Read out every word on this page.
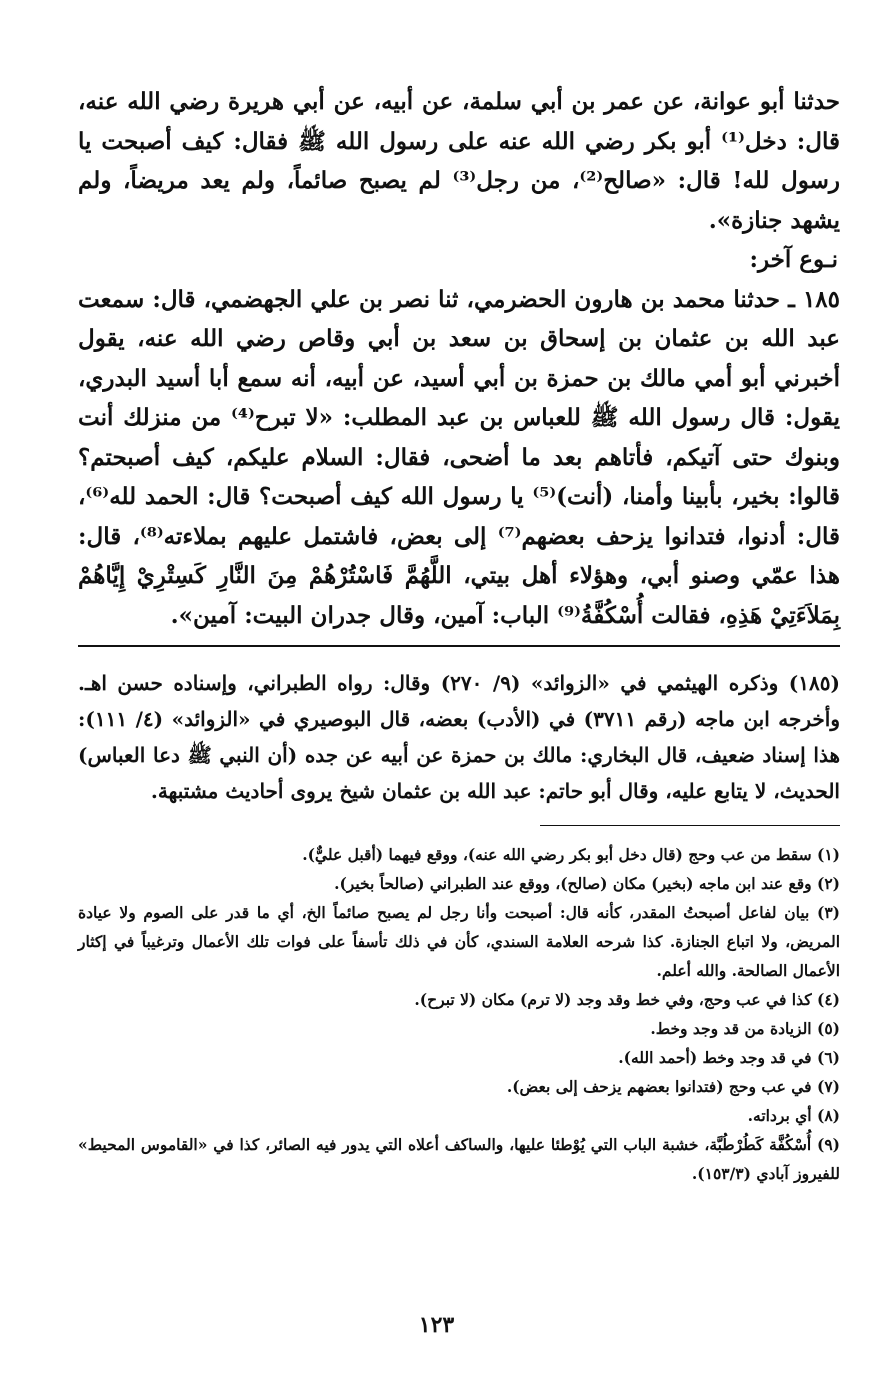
حدثنا أبو عوانة، عن عمر بن أبي سلمة، عن أبيه، عن أبي هريرة رضي الله عنه، قال: دخل⁽¹⁾ أبو بكر رضي الله عنه على رسول الله ﷺ فقال: كيف أصبحت يا رسول لله! قال: «صالح⁽²⁾، من رجل⁽³⁾ لم يصبح صائماً، ولم يعد مريضاً، ولم يشهد جنازة».

نـوع آخر:

١٨٥ ـ حدثنا محمد بن هارون الحضرمي، ثنا نصر بن علي الجهضمي، قال: سمعت عبد الله بن عثمان بن إسحاق بن سعد بن أبي وقاص رضي الله عنه، يقول أخبرني أبو أمي مالك بن حمزة بن أبي أسيد، عن أبيه، أنه سمع أبا أسيد البدري، يقول: قال رسول الله ﷺ للعباس بن عبد المطلب: «لا تبرح⁽⁴⁾ من منزلك أنت وبنوك حتى آتيكم، فأتاهم بعد ما أضحى، فقال: السلام عليكم، كيف أصبحتم؟ قالوا: بخير، بأبينا وأمنا، (أنت)⁽⁵⁾ يا رسول الله كيف أصبحت؟ قال: الحمد لله⁽⁶⁾، قال: أدنوا، فتدانوا يزحف بعضهم⁽⁷⁾ إلى بعض، فاشتمل عليهم بملاءته⁽⁸⁾، قال: هذا عمّي وصنو أبي، وهؤلاء أهل بيتي، اللَّهُمَّ فَاسْتُرْهُمْ مِنَ النَّارِ كَسِتْرِيْ إِيَّاهُمْ بِمَلاَءَتِيْ هَذِهِ، فقالت أُسْكُفَّةُ⁽⁹⁾ الباب: آمين، وقال جدران البيت: آمين».

(١٨٥) وذكره الهيثمي في «الزوائد» (٩/ ٢٧٠) وقال: رواه الطبراني، وإسناده حسن اهـ. وأخرجه ابن ماجه (رقم ٣٧١١) في (الأدب) بعضه، قال البوصيري في «الزوائد» (٤/ ١١١): هذا إسناد ضعيف، قال البخاري: مالك بن حمزة عن أبيه عن جده (أن النبي ﷺ دعا العباس) الحديث، لا يتابع عليه، وقال أبو حاتم: عبد الله بن عثمان شيخ يروى أحاديث مشتبهة.

(١) سقط من عب وحج (قال دخل أبو بكر رضي الله عنه)، ووقع فيهما (أقبل عليٌّ).
(٢) وقع عند ابن ماجه (بخير) مكان (صالح)، ووقع عند الطبراني (صالحاً بخير).
(٣) بيان لفاعل أصبحتُ المقدر، كأنه قال: أصبحت وأنا رجل لم يصبح صائماً الخ، أي ما قدر على الصوم ولا عيادة المريض، ولا اتباع الجنازة. كذا شرحه العلامة السندي، كأن في ذلك تأسفاً على فوات تلك الأعمال وترغيباً في إكثار الأعمال الصالحة. والله أعلم.
(٤) كذا في عب وحج، وفي خط وقد وجد (لا ترم) مكان (لا تبرح).
(٥) الزيادة من قد وجد وخط.
(٦) في قد وجد وخط (أحمد الله).
(٧) في عب وحج (فتدانوا بعضهم يزحف إلى بعض).
(٨) أي برداته.
(٩) أُسْكُفَّة كَطُرْطُبَّة، خشبة الباب التي يُوْطئا عليها، والساكف أعلاه التي يدور فيه الصائر، كذا في «القاموس المحيط» للفيروز آبادي (١٥٣/٣).
١٢٣
